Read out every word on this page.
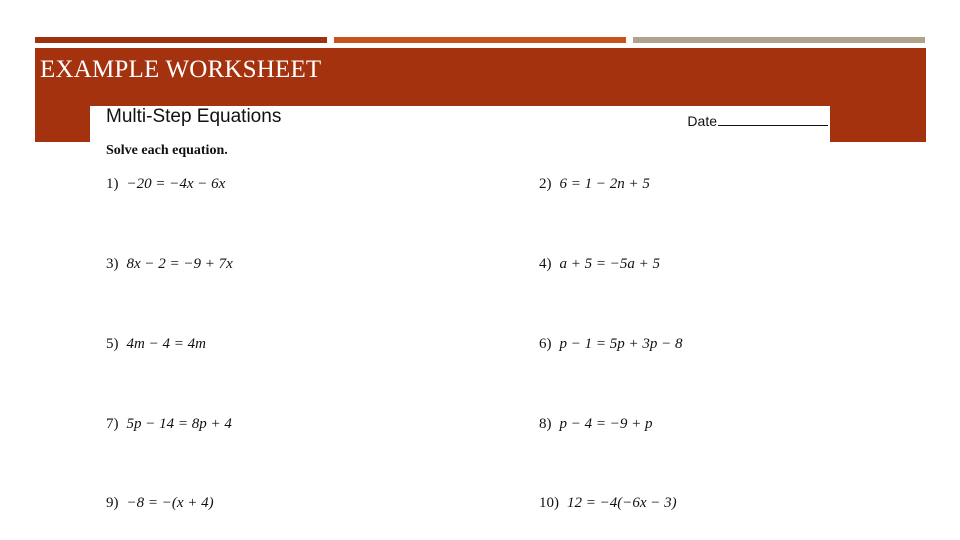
EXAMPLE WORKSHEET
Multi-Step Equations	Date
Solve each equation.
1) −20 = −4x − 6x	2) 6 = 1 − 2n + 5
3) 8x − 2 = −9 + 7x	4) a + 5 = −5a + 5
5) 4m − 4 = 4m	6) p − 1 = 5p + 3p − 8
7) 5p − 14 = 8p + 4	8) p − 4 = −9 + p
9) −8 = −(x + 4)	10) 12 = −4(−6x − 3)
